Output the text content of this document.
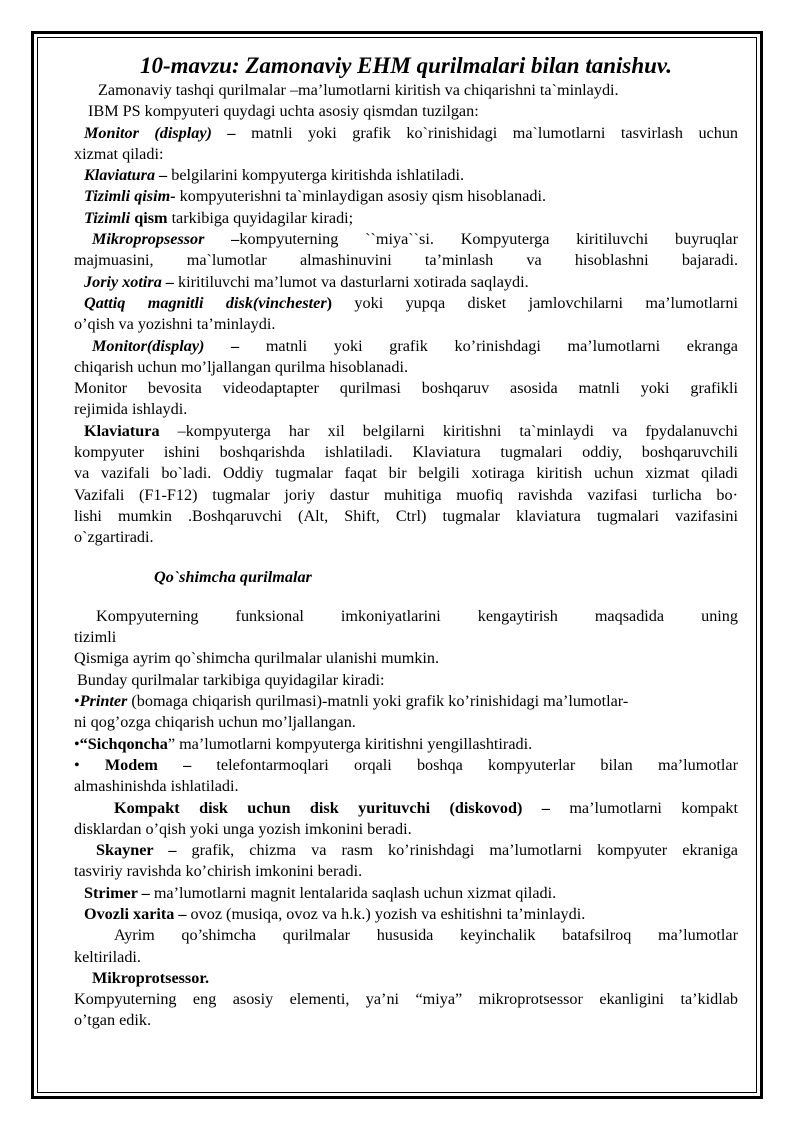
10-mavzu: Zamonaviy EHM qurilmalari bilan tanishuv.

Zamonaviy tashqi qurilmalar –ma’lumotlarni kiritish va chiqarishni ta`minlaydi.

IBM PS kompyuteri quydagi uchta asosiy qismdan tuzilgan:

Monitor (display) – matnli yoki grafik ko`rinishidagi ma`lumotlarni tasvirlash uchun

xizmat qiladi:

Klaviatura – belgilarini kompyuterga kiritishda ishlatiladi.

Tizimli qisim- kompyuterishni ta`minlaydigan asosiy qism hisoblanadi.

Tizimli qism tarkibiga quyidagilar kiradi;

Mikropropsessor –kompyuterning ``miya``si. Kompyuterga kiritiluvchi buyruqlar

majmuasini, ma`lumotlar almashinuvini ta’minlash va hisoblashni bajaradi.

Joriy xotira – kiritiluvchi ma’lumot va dasturlarni xotirada saqlaydi.

Qattiq magnitli disk(vinchester) yoki yupqa disket jamlovchilarni ma’lumotlarni

o’qish va yozishni ta’minlaydi.

Monitor(display) – matnli yoki grafik ko’rinishdagi ma’lumotlarni ekranga

chiqarish uchun mo’ljallangan qurilma hisoblanadi.

Monitor bevosita videodaptapter qurilmasi boshqaruv asosida matnli yoki grafikli

rejimida ishlaydi.

Klaviatura –kompyuterga har xil belgilarni kiritishni ta`minlaydi va fpydalanuvchi

kompyuter ishini boshqarishda ishlatiladi. Klaviatura tugmalari oddiy, boshqaruvchili

va vazifali bo`ladi. Oddiy tugmalar faqat bir belgili xotiraga kiritish uchun xizmat qiladi

Vazifali (F1-F12) tugmalar joriy dastur muhitiga muofiq ravishda vazifasi turlicha bo·

lishi mumkin .Boshqaruvchi (Alt, Shift, Ctrl) tugmalar klaviatura tugmalari vazifasini

o`zgartiradi.

Qo`shimcha qurilmalar

Kompyuterning funksional imkoniyatlarini kengaytirish maqsadida uning

tizimli

Qismiga ayrim qo`shimcha qurilmalar ulanishi mumkin.

Bunday qurilmalar tarkibiga quyidagilar kiradi:

•Printer (bomaga chiqarish qurilmasi)-matnli yoki grafik ko’rinishidagi ma’lumotlar-

ni qog’ozga chiqarish uchun mo’ljallangan.

•“Sichqoncha” ma’lumotlarni kompyuterga kiritishni yengillashtiradi.

• Modem – telefontarmoqlari orqali boshqa kompyuterlar bilan ma’lumotlar

almashinishda ishlatiladi.

Kompakt disk uchun disk yurituvchi (diskovod) – ma’lumotlarni kompakt

disklardan o’qish yoki unga yozish imkonini beradi.

Skayner – grafik, chizma va rasm ko’rinishdagi ma’lumotlarni kompyuter ekraniga

tasviriy ravishda ko’chirish imkonini beradi.

Strimer – ma’lumotlarni magnit lentalarida saqlash uchun xizmat qiladi.

Ovozli xarita – ovoz (musiqa, ovoz va h.k.) yozish va eshitishni ta’minlaydi.

Ayrim qo’shimcha qurilmalar hususida keyinchalik batafsilroq ma’lumotlar

keltiriladi.

Mikroprotsessor.

Kompyuterning eng asosiy elementi, ya’ni “miya” mikroprotsessor ekanligini ta’kidlab

o’tgan edik.
